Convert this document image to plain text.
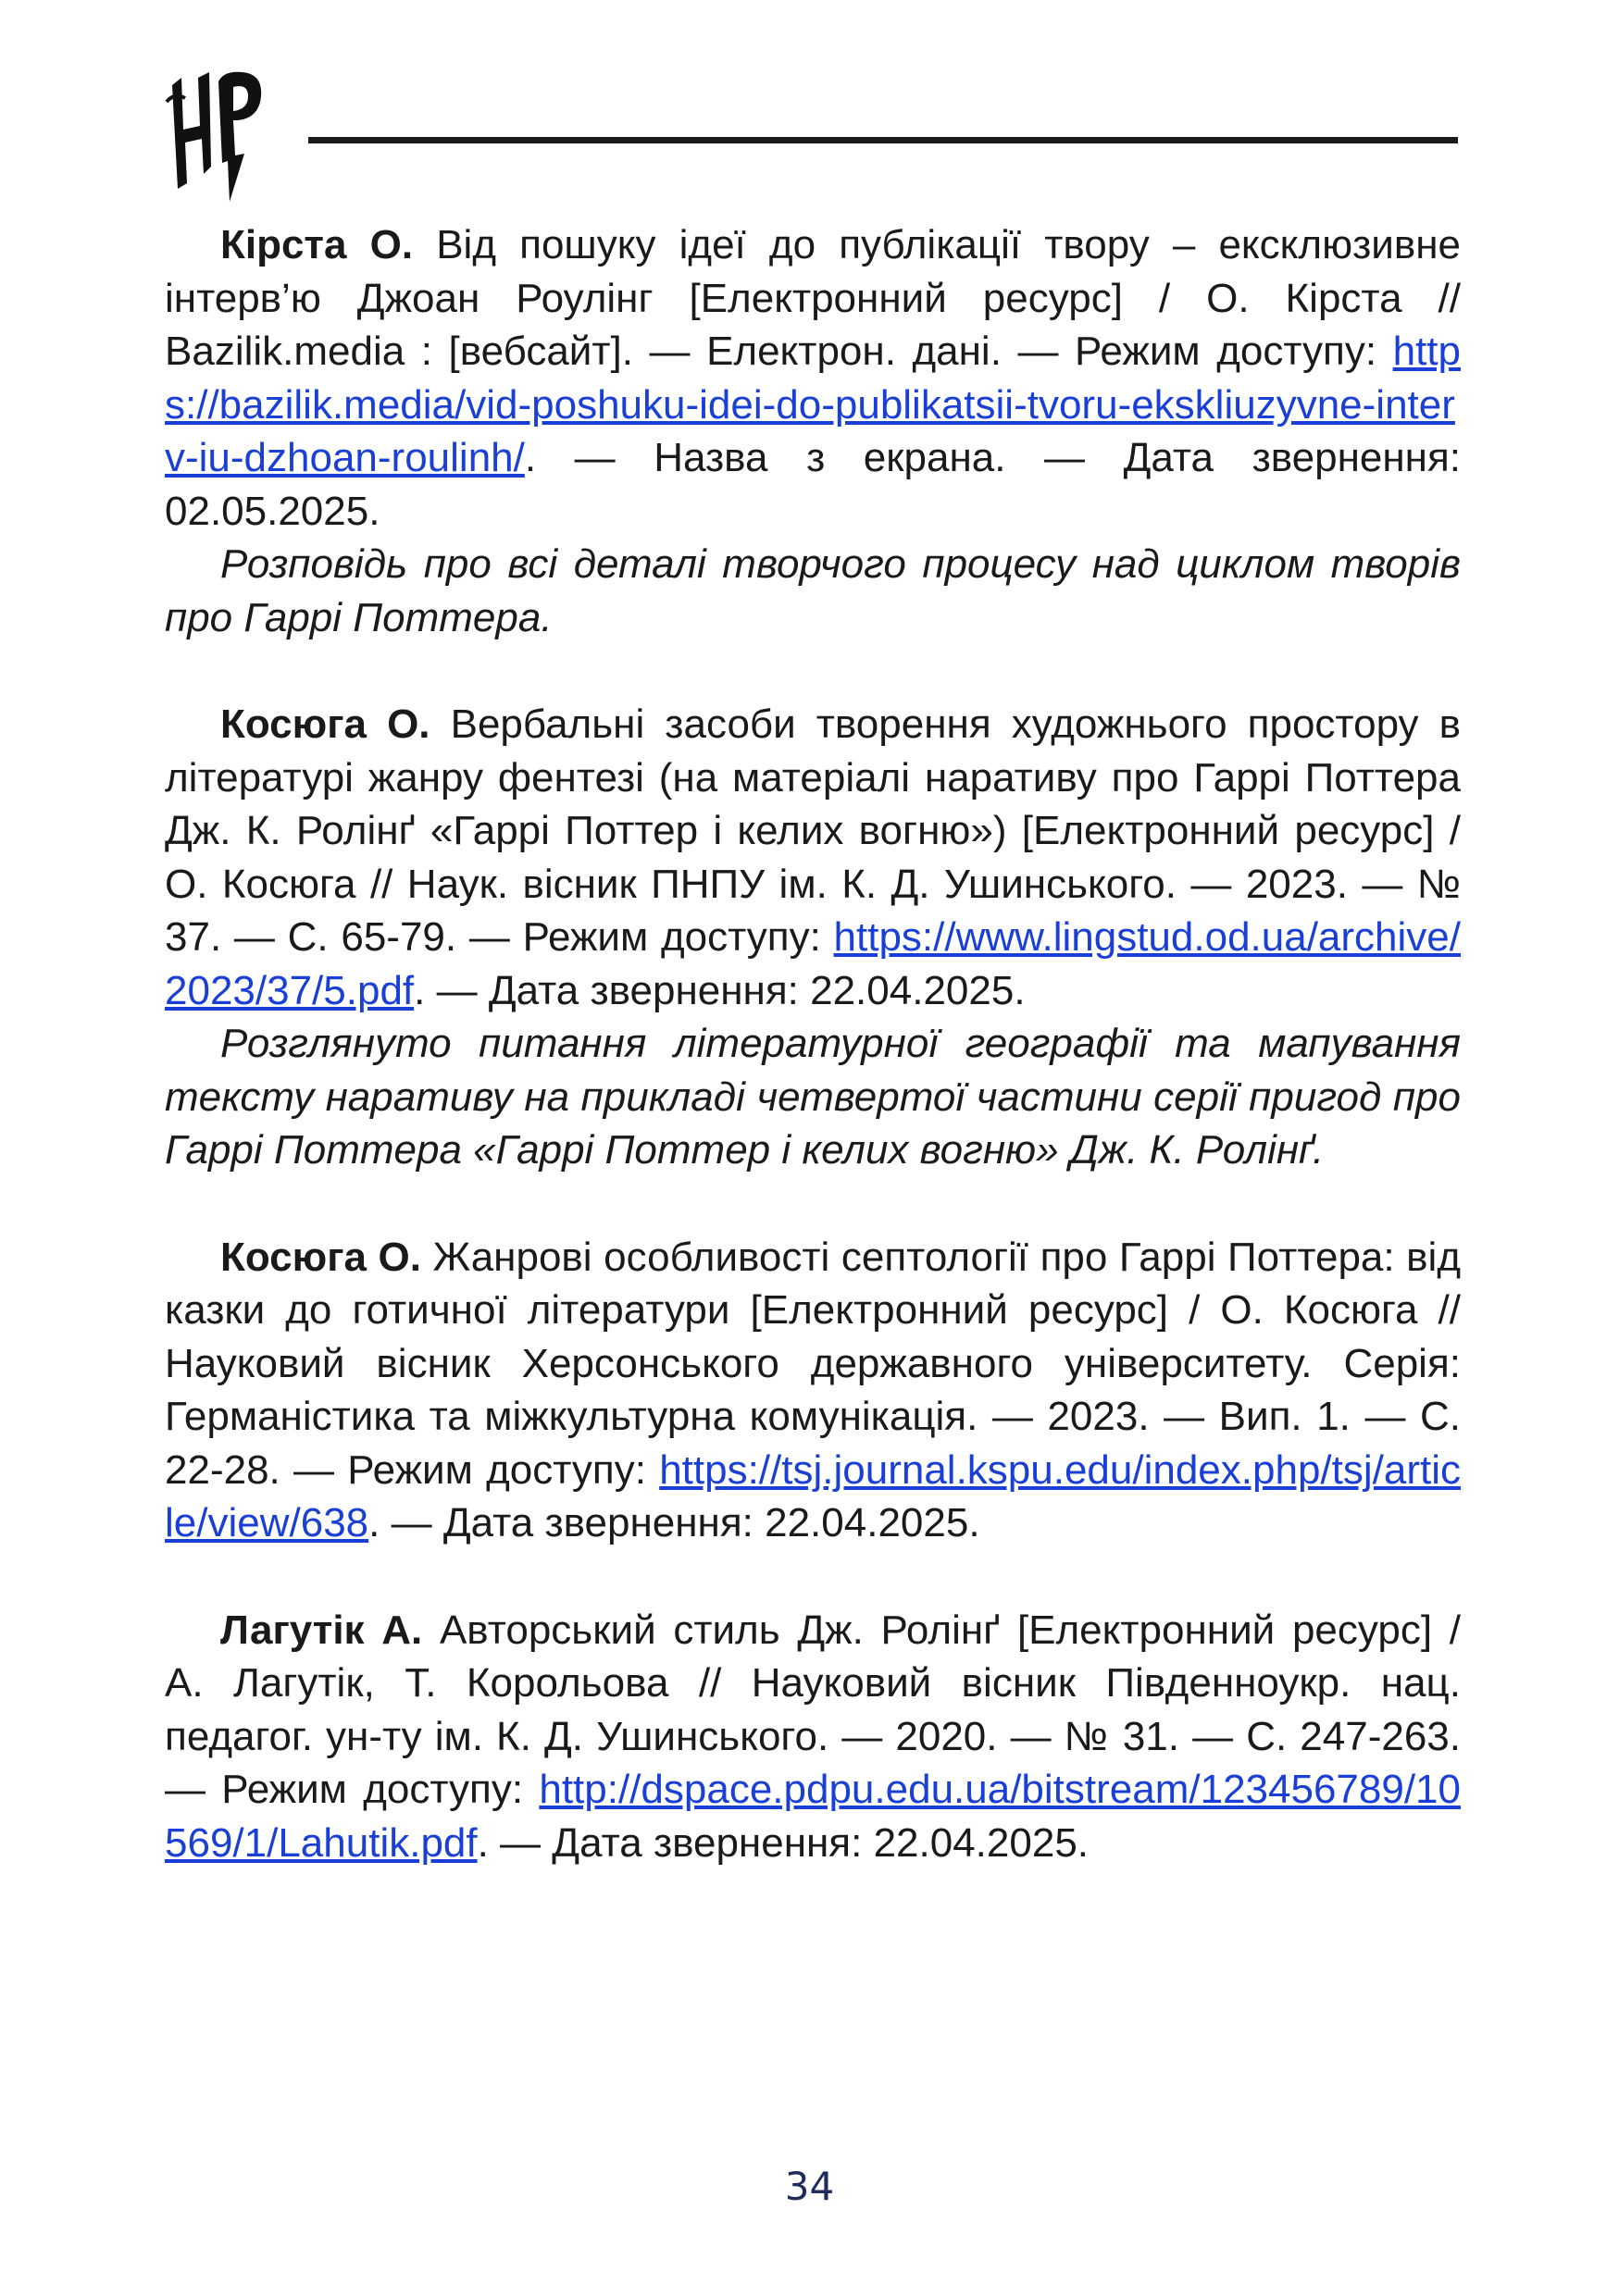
Кірста О. Від пошуку ідеї до публікації твору – ексклюзивне інтерв’ю Джоан Роулінг [Електронний ресурс] / О. Кірста // Bazilik.media : [вебсайт]. — Електрон. дані. — Режим доступу: https://bazilik.media/vid-poshuku-idei-do-publikatsii-tvoru-ekskliuzyvne-interv-iu-dzhoan-roulinh/. — Назва з екрана. — Дата звернення: 02.05.2025.

Розповідь про всі деталі творчого процесу над циклом творів про Гаррі Поттера.

Косюга О. Вербальні засоби творення художнього простору в літературі жанру фентезі (на матеріалі наративу про Гаррі Поттера Дж. К. Ролінґ «Гаррі Поттер і келих вогню») [Електронний ресурс] / О. Косюга // Наук. вісник ПНПУ ім. К. Д. Ушинського. — 2023. — № 37. — С. 65-79. — Режим доступу: https://www.lingstud.od.ua/archive/2023/37/5.pdf. — Дата звернення: 22.04.2025.

Розглянуто питання літературної географії та мапування тексту наративу на прикладі четвертої частини серії пригод про Гаррі Поттера «Гаррі Поттер і келих вогню» Дж. К. Ролінґ.

Косюга О. Жанрові особливості септології про Гаррі Поттера: від казки до готичної літератури [Електронний ресурс] / О. Косюга // Науковий вісник Херсонського державного університету. Серія: Германістика та міжкультурна комунікація. — 2023. — Вип. 1. — С. 22-28. — Режим доступу: https://tsj.journal.kspu.edu/index.php/tsj/article/view/638. — Дата звернення: 22.04.2025.

Лагутік А. Авторський стиль Дж. Ролінґ [Електронний ресурс] / А. Лагутік, Т. Корольова // Науковий вісник Південноукр. нац. педагог. ун-ту ім. К. Д. Ушинського. — 2020. — № 31. — С. 247-263. — Режим доступу: http://dspace.pdpu.edu.ua/bitstream/123456789/10569/1/Lahutik.pdf. — Дата звернення: 22.04.2025.

34
